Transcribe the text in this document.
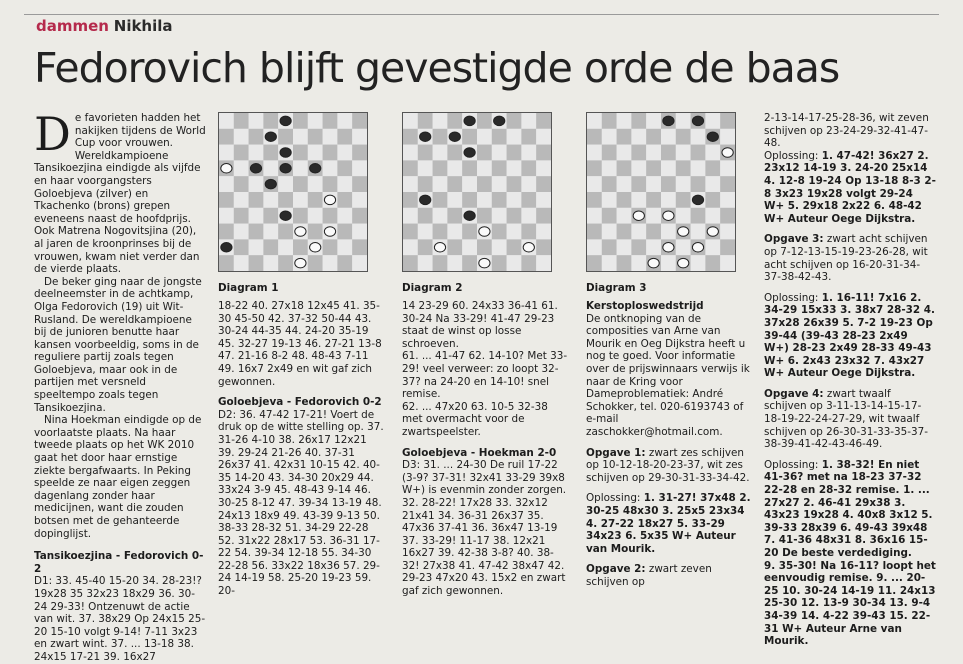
dammen Nikhila
Fedorovich blijft gevestigde orde de baas
D e favorieten hadden het nakijken tijdens de World Cup voor vrouwen. Wereldkampioene Tansikoezjina eindigde als vijfde en haar voorgangsters Goloebjeva (zilver) en Tkachenko (brons) grepen eveneens naast de hoofdprijs. Ook Matrena Nogovitsjina (20), al jaren de kroonprinses bij de vrouwen, kwam niet verder dan de vierde plaats.

De beker ging naar de jongste deelneemster in de achtkamp, Olga Fedorovich (19) uit Wit-Rusland. De wereldkampioene bij de junioren benutte haar kansen voorbeeldig, soms in de reguliere partij zoals tegen Goloebjeva, maar ook in de partijen met versneld speeltempo zoals tegen Tansikoezjina.

Nina Hoekman eindigde op de voorlaatste plaats. Na haar tweede plaats op het WK 2010 gaat het door haar ernstige ziekte bergafwaarts. In Peking speelde ze naar eigen zeggen dagenlang zonder haar medicijnen, want die zouden botsen met de gehanteerde dopinglijst.

Tansikoezjina - Fedorovich 0-2

D1: 33. 45-40 15-20 34. 28-23!? 19x28 35 32x23 18x29 36. 30-24 29-33! Ontzenuwt de actie van wit. 37. 38x29 Op 24x15 25-20 15-10 volgt 9-14! 7-11 3x23 en zwart wint. 37. ... 13-18 38. 24x15 17-21 39. 16x27

Diagram 1	Diagram 2	Diagram 3

18-22 40. 27x18 12x45 41. 35-30 45-50 42. 37-32 50-44 43. 30-24 44-35 44. 24-20 35-19 45. 32-27 19-13 46. 27-21 13-8 47. 21-16 8-2 48. 48-43 7-11 49. 16x7 2x49 en wit gaf zich gewonnen.

Goloebjeva - Fedorovich 0-2

D2: 36. 47-42 17-21! Voert de druk op de witte stelling op. 37. 31-26 4-10 38. 26x17 12x21 39. 29-24 21-26 40. 37-31 26x37 41. 42x31 10-15 42. 40-35 14-20 43. 34-30 20x29 44. 33x24 3-9 45. 48-43 9-14 46. 30-25 8-12 47. 39-34 13-19 48. 24x13 18x9 49. 43-39 9-13 50. 38-33 28-32 51. 34-29 22-28 52. 31x22 28x17 53. 36-31 17-22 54. 39-34 12-18 55. 34-30 22-28 56. 33x22 18x36 57. 29-24 14-19 58. 25-20 19-23 59. 20-

14 23-29 60. 24x33 36-41 61. 30-24 Na 33-29! 41-47 29-23 staat de winst op losse schroeven.

61. ... 41-47 62. 14-10? Met 33-29! veel verweer: zo loopt 32-37? na 24-20 en 14-10! snel remise.

62. ... 47x20 63. 10-5 32-38 met overmacht voor de zwartspeelster.

Goloebjeva - Hoekman 2-0

D3: 31. ... 24-30 De ruil 17-22 (3-9? 37-31! 32x41 33-29 39x8 W+) is evenmin zonder zorgen. 32. 28-22! 17x28 33. 32x12 21x41 34. 36-31 26x37 35. 47x36 37-41 36. 36x47 13-19 37. 33-29! 11-17 38. 12x21 16x27 39. 42-38 3-8? 40. 38-32! 27x38 41. 47-42 38x47 42. 29-23 47x20 43. 15x2 en zwart gaf zich gewonnen.

Kerstoploswedstrijd

De ontknoping van de composities van Arne van Mourik en Oeg Dijkstra heeft u nog te goed. Voor informatie over de prijswinnaars verwijs ik naar de Kring voor Dameproblematiek: André Schokker, tel. 020-6193743 of e-mail zaschokker@hotmail.com.

Opgave 1: zwart zes schijven op 10-12-18-20-23-37, wit zes schijven op 29-30-31-33-34-42.

Oplossing: 1. 31-27! 37x48 2. 30-25 48x30 3. 25x5 23x34 4. 27-22 18x27 5. 33-29 34x23 6. 5x35 W+ Auteur van Mourik.

Opgave 2: zwart zeven schijven op

2-13-14-17-25-28-36, wit zeven schijven op 23-24-29-32-41-47-48.

Oplossing: 1. 47-42! 36x27 2. 23x12 14-19 3. 24-20 25x14 4. 12-8 19-24 Op 13-18 8-3 2-8 3x23 19x28 volgt 29-24 W+ 5. 29x18 2x22 6. 48-42 W+ Auteur Oege Dijkstra.

Opgave 3: zwart acht schijven op 7-12-13-15-19-23-26-28, wit acht schijven op 16-20-31-34-37-38-42-43.

Oplossing: 1. 16-11! 7x16 2. 34-29 15x33 3. 38x7 28-32 4. 37x28 26x39 5. 7-2 19-23 Op 39-44 (39-43 28-23 2x49 W+) 28-23 2x49 28-33 49-43 W+ 6. 2x43 23x32 7. 43x27 W+ Auteur Oege Dijkstra.

Opgave 4: zwart twaalf schijven op 3-11-13-14-15-17-18-19-22-24-27-29, wit twaalf schijven op 26-30-31-33-35-37-38-39-41-42-43-46-49.

Oplossing: 1. 38-32! En niet 41-36? met na 18-23 37-32 22-28 en 28-32 remise. 1. ... 27x27 2. 46-41 29x38 3. 43x23 19x28 4. 40x8 3x12 5. 39-33 28x39 6. 49-43 39x48 7. 41-36 48x31 8. 36x16 15-20 De beste verdediging.

9. 35-30! Na 16-11? loopt het eenvoudig remise. 9. ... 20-25 10. 30-24 14-19 11. 24x13 25-30 12. 13-9 30-34 13. 9-4 34-39 14. 4-22 39-43 15. 22-31 W+ Auteur Arne van Mourik.
